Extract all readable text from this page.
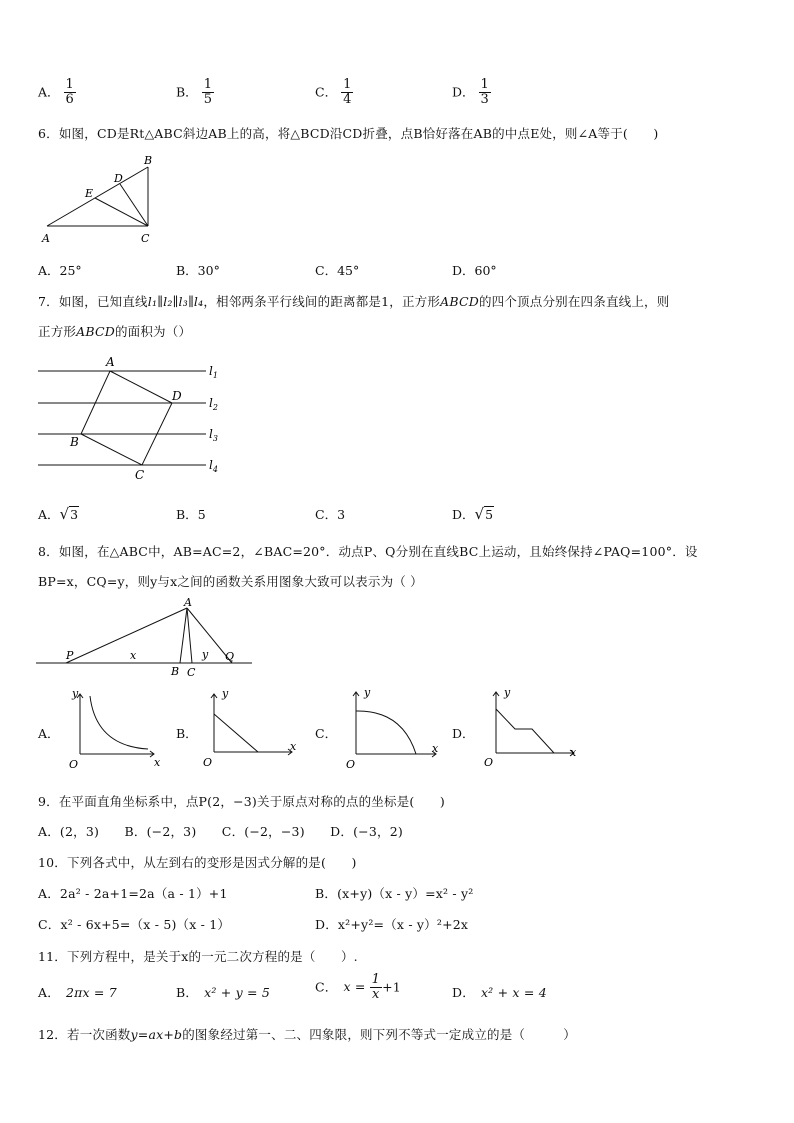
A． $\frac{1}{6}$	B． $\frac{1}{5}$	C． $\frac{1}{4}$	D． $\frac{1}{3}$
6．如图，CD是Rt△ABC斜边AB上的高，将△BCD沿CD折叠，点B恰好落在AB的中点E处，则∠A等于(　　)
A
B
C
D
E
A．25°	B．30°	C．45°	D．60°
7．如图，已知直线l₁∥l₂∥l₃∥l₄，相邻两条平行线间的距离都是1，正方形ABCD的四个顶点分别在四条直线上，则
正方形ABCD的面积为（）
A
D
B
C
$l_1$
$l_2$
$l_3$
$l_4$
A．√3	B．5	C．3	D．√5
8．如图，在△ABC中，AB=AC=2，∠BAC=20°．动点P、Q分别在直线BC上运动，且始终保持∠PAQ=100°．设
BP=x，CQ=y，则y与x之间的函数关系用图象大致可以表示为（ ）
A
P	x
B C
y Q
A．
y
x
O
B．
y
x
O
C．
y
x
O
D．
y
x
O
9．在平面直角坐标系中，点P(2，−3)关于原点对称的点的坐标是(　　)
A．(2，3)　　B．(−2，3)　　C．(−2，−3)　　D．(−3，2)
10．下列各式中，从左到右的变形是因式分解的是(　　)
A．2a² - 2a+1=2a（a - 1）+1	B．(x+y)（x - y）=x² - y²
C．x² - 6x+5=（x - 5)（x - 1）	D．x²+y²=（x - y）²+2x
11．下列方程中，是关于x的一元二次方程的是（　　）.
A． 2πx = 7	B． x² + y = 5	C． $x = \frac{1}{x} +1$	D． x² + x = 4
12．若一次函数y=ax+b的图象经过第一、二、四象限，则下列不等式一定成立的是（　　　）
